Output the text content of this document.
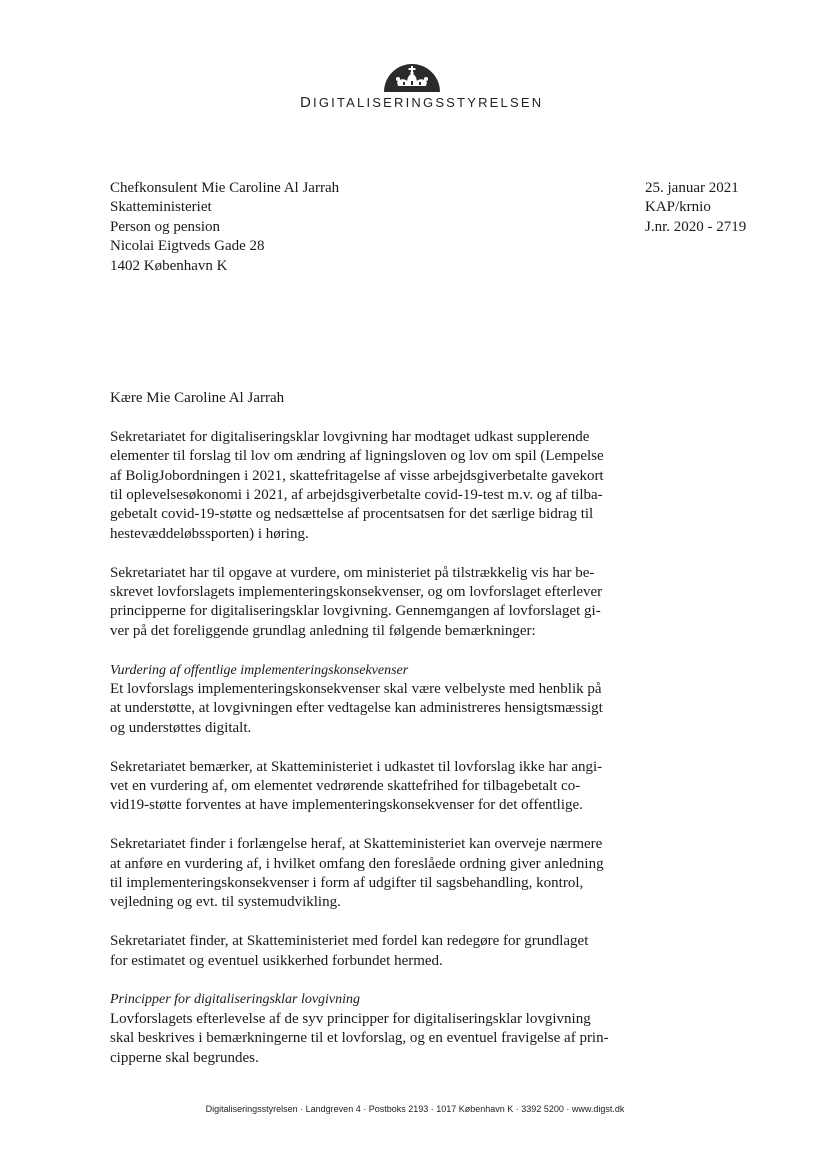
DIGITALISERINGSSTYRELSEN
Chefkonsulent Mie Caroline Al Jarrah
Skatteministeriet
Person og pension
Nicolai Eigtveds Gade 28
1402 København K
25. januar 2021
KAP/krnio
J.nr. 2020 - 2719
Kære Mie Caroline Al Jarrah
Sekretariatet for digitaliseringsklar lovgivning har modtaget udkast supplerende
elementer til forslag til lov om ændring af ligningsloven og lov om spil (Lempelse
af BoligJobordningen i 2021, skattefritagelse af visse arbejdsgiverbetalte gavekort
til oplevelsesøkonomi i 2021, af arbejdsgiverbetalte covid-19-test m.v. og af tilba-
gebetalt covid-19-støtte og nedsættelse af procentsatsen for det særlige bidrag til
hestevæddeløbssporten) i høring.
Sekretariatet har til opgave at vurdere, om ministeriet på tilstrækkelig vis har be-
skrevet lovforslagets implementeringskonsekvenser, og om lovforslaget efterlever
principperne for digitaliseringsklar lovgivning. Gennemgangen af lovforslaget gi-
ver på det foreliggende grundlag anledning til følgende bemærkninger:
Vurdering af offentlige implementeringskonsekvenser
Et lovforslags implementeringskonsekvenser skal være velbelyste med henblik på
at understøtte, at lovgivningen efter vedtagelse kan administreres hensigtsmæssigt
og understøttes digitalt.
Sekretariatet bemærker, at Skatteministeriet i udkastet til lovforslag ikke har angi-
vet en vurdering af, om elementet vedrørende skattefrihed for tilbagebetalt co-
vid19-støtte forventes at have implementeringskonsekvenser for det offentlige.
Sekretariatet finder i forlængelse heraf, at Skatteministeriet kan overveje nærmere
at anføre en vurdering af, i hvilket omfang den foreslåede ordning giver anledning
til implementeringskonsekvenser i form af udgifter til sagsbehandling, kontrol,
vejledning og evt. til systemudvikling.
Sekretariatet finder, at Skatteministeriet med fordel kan redegøre for grundlaget
for estimatet og eventuel usikkerhed forbundet hermed.
Principper for digitaliseringsklar lovgivning
Lovforslagets efterlevelse af de syv principper for digitaliseringsklar lovgivning
skal beskrives i bemærkningerne til et lovforslag, og en eventuel fravigelse af prin-
cipperne skal begrundes.
Digitaliseringsstyrelsen · Landgreven 4 · Postboks 2193 · 1017 København K · 3392 5200 · www.digst.dk
